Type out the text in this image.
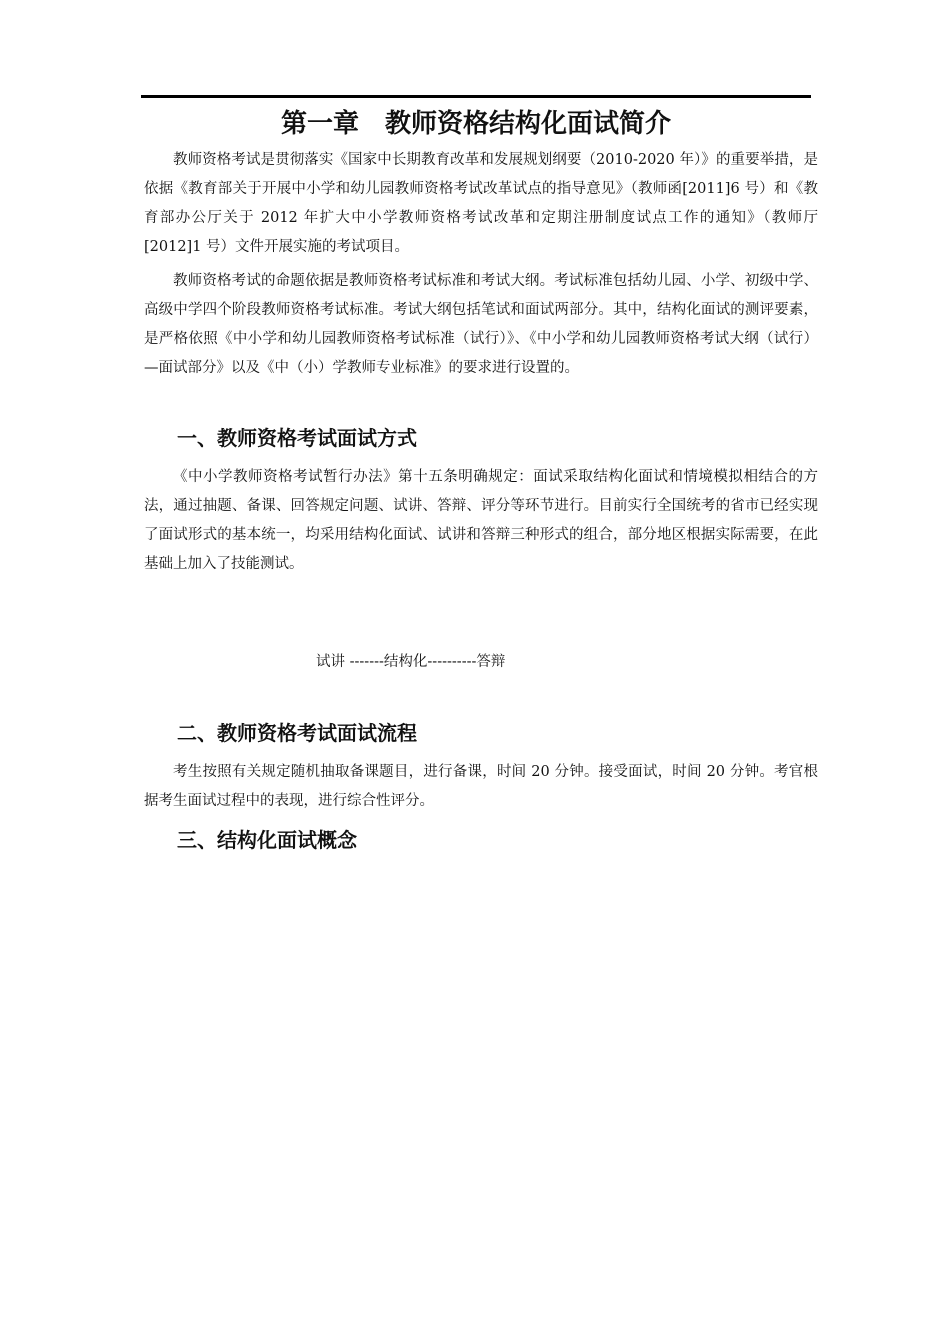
第一章　教师资格结构化面试简介

教师资格考试是贯彻落实《国家中长期教育改革和发展规划纲要（2010-2020 年）》的重要举措，是依据《教育部关于开展中小学和幼儿园教师资格考试改革试点的指导意见》（教师函[2011]6 号）和《教育部办公厅关于 2012 年扩大中小学教师资格考试改革和定期注册制度试点工作的通知》（教师厅[2012]1 号）文件开展实施的考试项目。

教师资格考试的命题依据是教师资格考试标准和考试大纲。考试标准包括幼儿园、小学、初级中学、高级中学四个阶段教师资格考试标准。考试大纲包括笔试和面试两部分。其中，结构化面试的测评要素，是严格依照《中小学和幼儿园教师资格考试标准（试行）》、《中小学和幼儿园教师资格考试大纲（试行）—面试部分》以及《中（小）学教师专业标准》的要求进行设置的。

一、教师资格考试面试方式

《中小学教师资格考试暂行办法》第十五条明确规定：面试采取结构化面试和情境模拟相结合的方法，通过抽题、备课、回答规定问题、试讲、答辩、评分等环节进行。目前实行全国统考的省市已经实现了面试形式的基本统一，均采用结构化面试、试讲和答辩三种形式的组合，部分地区根据实际需要，在此基础上加入了技能测试。

试讲 -------结构化----------答辩

二、教师资格考试面试流程

考生按照有关规定随机抽取备课题目，进行备课，时间 20 分钟。接受面试，时间 20 分钟。考官根据考生面试过程中的表现，进行综合性评分。

三、结构化面试概念
